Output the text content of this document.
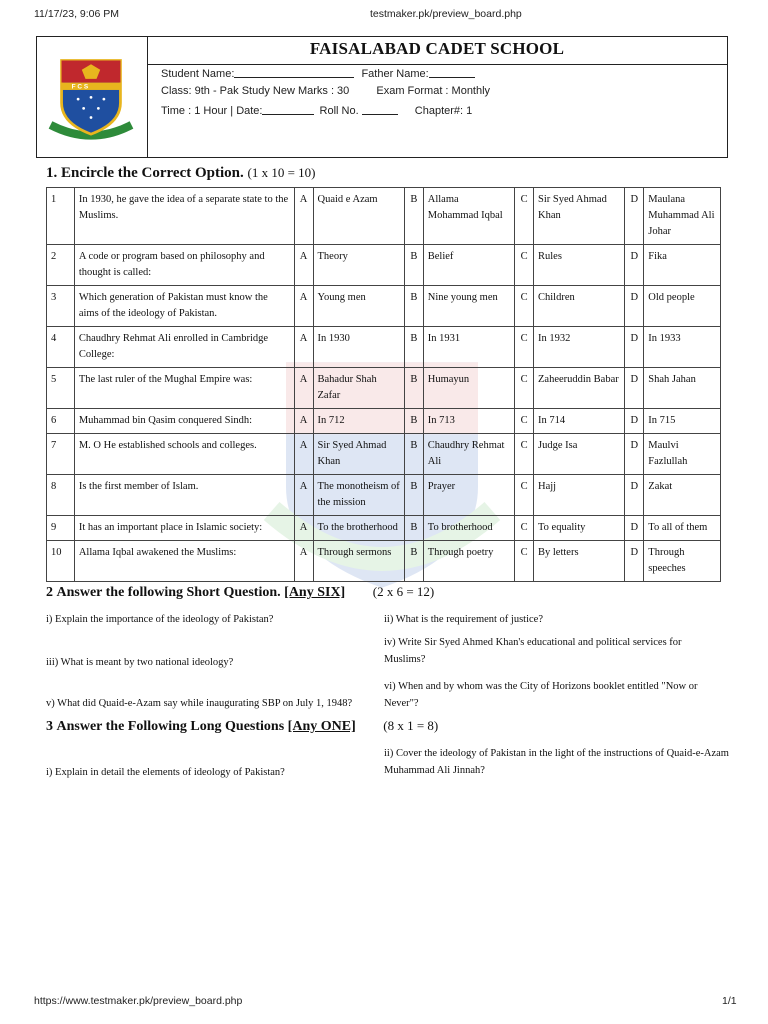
11/17/23, 9:06 PM	testmaker.pk/preview_board.php
https://www.testmaker.pk/preview_board.php	1/1
F C S
FAISALABAD CADET SCHOOL
Student Name:	Father Name:
Class: 9th - Pak Study New Marks : 30 Exam Format : Monthly
Time : 1 Hour | Date:	Roll No.	Chapter#: 1
1. Encircle the Correct Option. (1 x 10 = 10)
1	In 1930, he gave the idea of a separate state to the Muslims.	A	Quaid e Azam	B	Allama Mohammad Iqbal	C	Sir Syed Ahmad Khan	D	Maulana Muhammad Ali Johar
2	A code or program based on philosophy and thought is called:	A	Theory	B	Belief	C	Rules	D	Fika
3	Which generation of Pakistan must know the aims of the ideology of Pakistan.	A	Young men	B	Nine young men	C	Children	D	Old people
4	Chaudhry Rehmat Ali enrolled in Cambridge College:	A	In 1930	B	In 1931	C	In 1932	D	In 1933
5	The last ruler of the Mughal Empire was:	A	Bahadur Shah Zafar	B	Humayun	C	Zaheeruddin Babar	D	Shah Jahan
6	Muhammad bin Qasim conquered Sindh:	A	In 712	B	In 713	C	In 714	D	In 715
7	M. O He established schools and colleges.	A	Sir Syed Ahmad Khan	B	Chaudhry Rehmat Ali	C	Judge Isa	D	Maulvi Fazlullah
8	Is the first member of Islam.	A	The monotheism of the mission	B	Prayer	C	Hajj	D	Zakat
9	It has an important place in Islamic society:	A	To the brotherhood	B	To brotherhood	C	To equality	D	To all of them
10	Allama Iqbal awakened the Muslims:	A	Through sermons	B	Through poetry	C	By letters	D	Through speeches
2 Answer the following Short Question. [Any SIX] (2 x 6 = 12)
i) Explain the importance of the ideology of Pakistan?	ii) What is the requirement of justice?
iv) Write Sir Syed Ahmed Khan's educational and political services for Muslims?
iii) What is meant by two national ideology?
vi) When and by whom was the City of Horizons booklet entitled "Now or Never"?
v) What did Quaid-e-Azam say while inaugurating SBP on July 1, 1948?
3 Answer the Following Long Questions [Any ONE] (8 x 1 = 8)
ii) Cover the ideology of Pakistan in the light of the instructions of Quaid-e-Azam Muhammad Ali Jinnah?
i) Explain in detail the elements of ideology of Pakistan?
